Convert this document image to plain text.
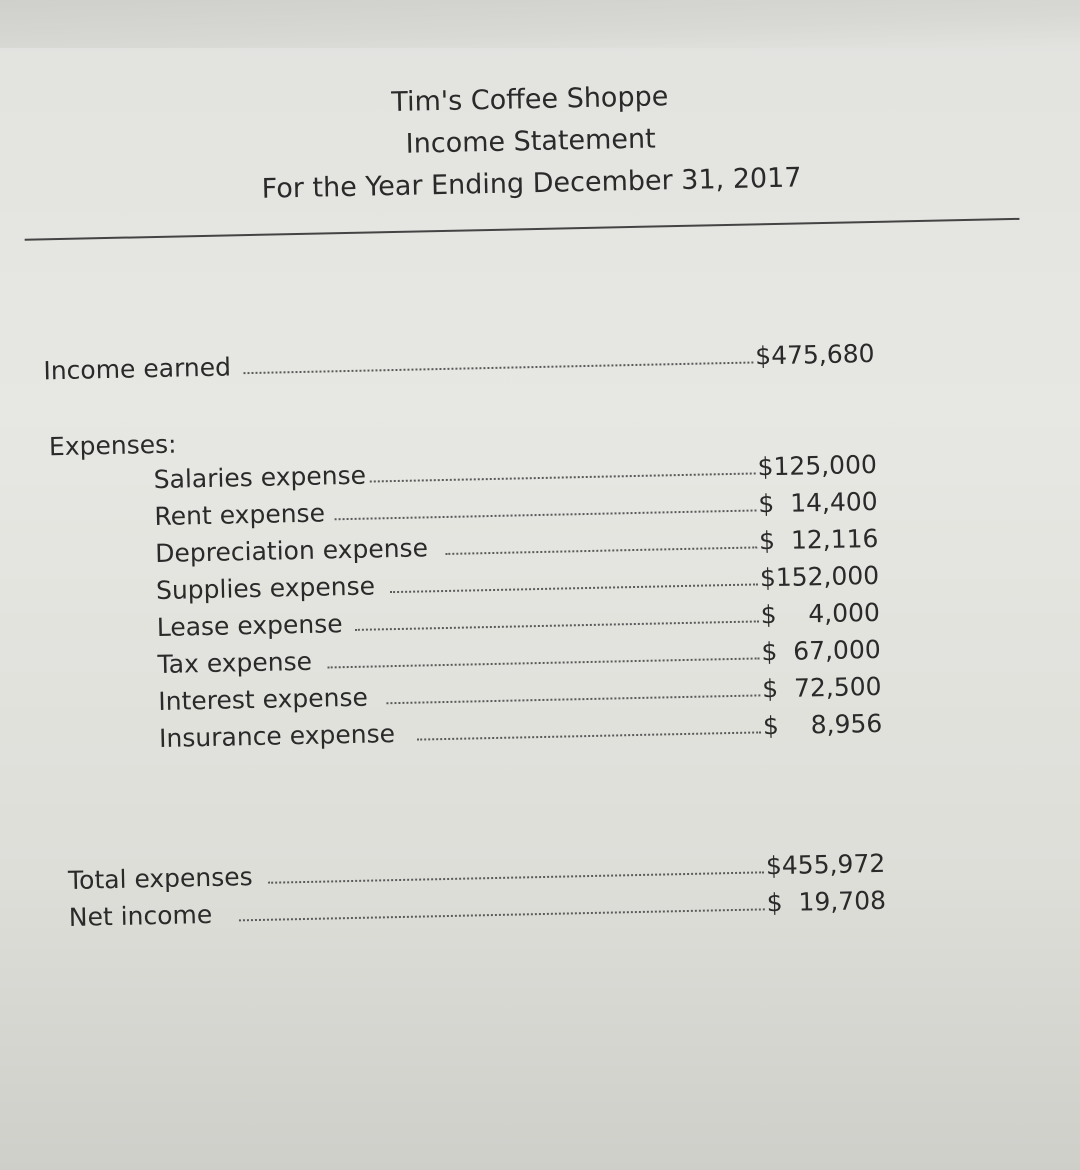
Tim's Coffee Shoppe
Income Statement
For the Year Ending December 31, 2017
Income earned	$475,680
Expenses:
Salaries expense	$125,000
Rent expense	$  14,400
Depreciation expense	$  12,116
Supplies expense	$152,000
Lease expense	$    4,000
Tax expense	$  67,000
Interest expense	$  72,500
Insurance expense	$    8,956
Total expenses	$455,972
Net income	$  19,708
